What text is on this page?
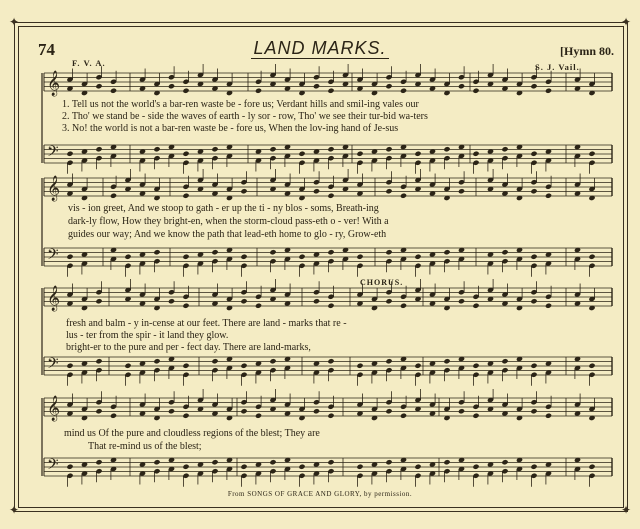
✦	✦
✦	✦
74	LAND MARKS.	[Hymn 80.
F. V. A.	S. J. Vail.
𝄞
𝄢
𝄞
𝄢
𝄞
𝄢
𝄞
𝄢
1. Tell us not the world's a bar-ren waste be - fore us; Verdant hills and smil-ing vales our
2. Tho' we stand be - side the waves of earth - ly sor - row, Tho' we see their tur-bid wa-ters
3. No! the world is not a bar-ren waste be - fore us, When the lov-ing hand of Je-sus
vis - ion greet, And we stoop to gath - er up the ti - ny blos - soms, Breath-ing
dark-ly flow, How they bright-en, when the storm-cloud pass-eth o - ver! With a
guides our way; And we know the path that lead-eth home to glo - ry, Grow-eth
CHORUS.
fresh and balm - y in-cense at our feet. There are land - marks that re -
lus - ter from the spir - it land they glow.
bright-er to the pure and per - fect day. There are land-marks,
mind us Of the pure and cloudless regions of the blest; They are
That re-mind us of the blest;
From SONGS OF GRACE AND GLORY, by permission.
